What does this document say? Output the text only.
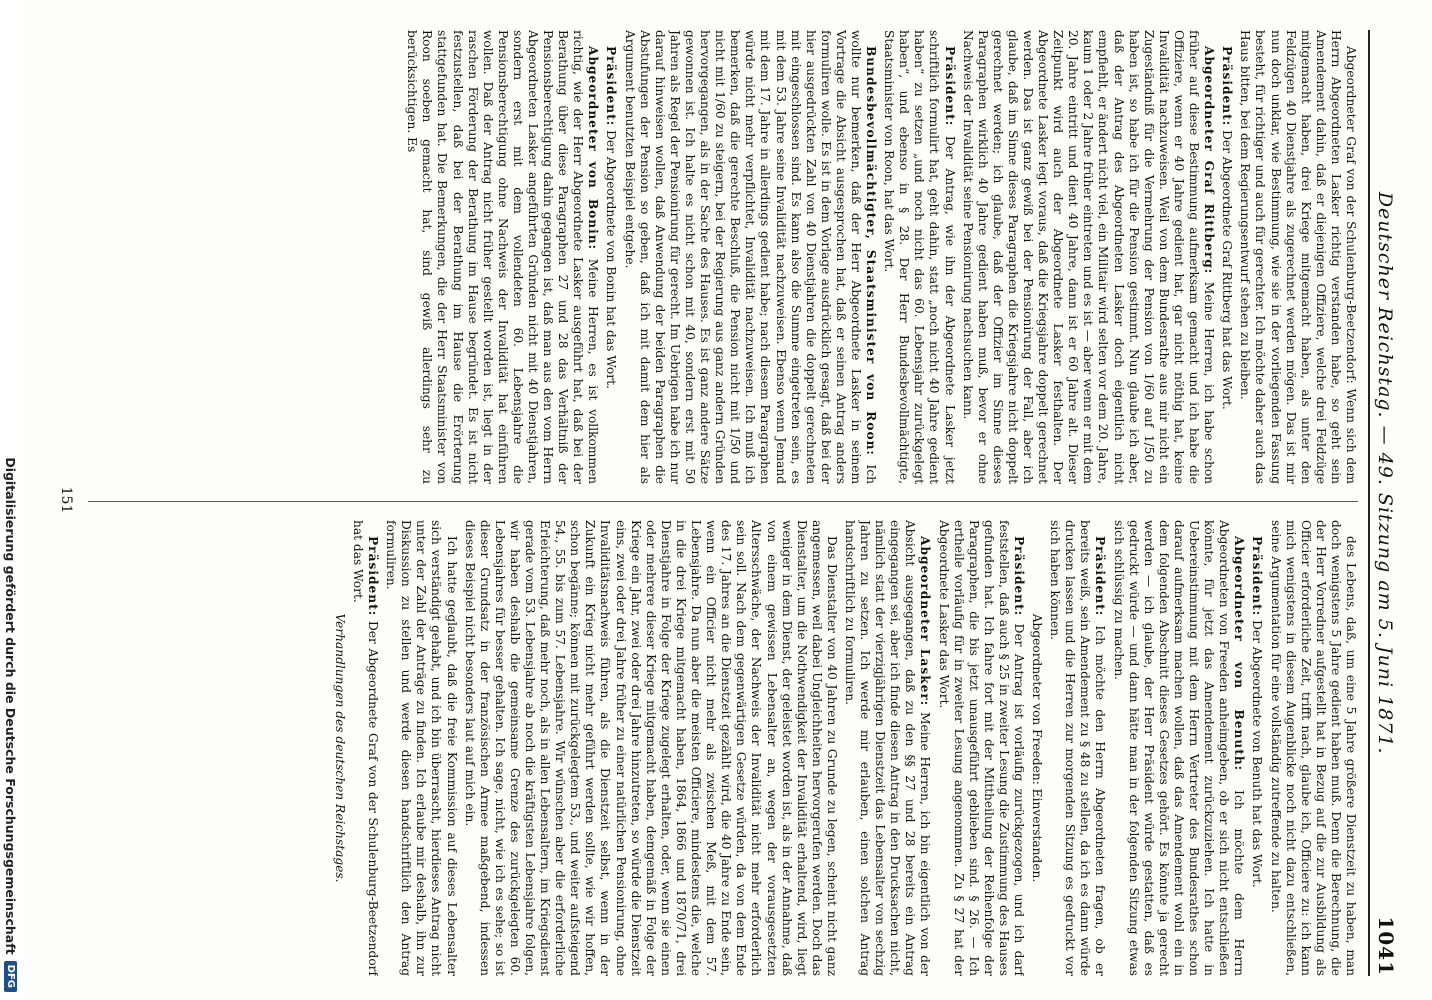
Deutscher Reichstag. — 49. Sitzung am 5. Juni 1871.
1041

Abgeordneter Graf von der Schulenburg-Beetzendorf: Wenn sich dem Herrn Abgeordneten Lasker richtig verstanden habe, so geht sein Amendement dahin, daß er diejenigen Offiziere, welche drei Feldzüge mitgemacht haben, drei Kriege mitgemacht haben, als unter den Feldzügen 40 Dienstjahre als zugerechnet werden mögen. Das ist mir nun doch unklar, wie Bestimmung, wie sie in der vorliegenden Fassung besteht, für richtiger und auch für gerechter. Ich möchte daher auch das Haus bitten, bei dem Regierungsentwurf stehen zu bleiben.

Präsident: Der Abgeordnete Graf Rittberg hat das Wort.

Abgeordneter Graf Rittberg: Meine Herren, ich habe schon früher auf diese Bestimmung aufmerksam gemacht und ich habe die Offiziere, wenn er 40 Jahre gedient hat, gar nicht nöthig hat, keine Invalidität nachzuweisen. Weil von dem Bundesrathe aus mir nicht ein Zugeständniß für die Vermehrung der Pension von 1/60 auf 1/50 zu haben ist, so habe ich für die Pension gestimmt. Nun glaube ich aber, daß der Antrag des Abgeordneten Lasker doch eigentlich nicht empfiehlt, er ändert nicht viel, ein Militair wird selten vor dem 20. Jahre, kaum 1 oder 2 Jahre früher eintreten und es ist — aber wenn er mit dem 20. Jahre eintritt und dient 40 Jahre, dann ist er 60 Jahre alt. Dieser Zeitpunkt wird auch der Abgeordnete Lasker festhalten. Der Abgeordnete Lasker legt voraus, daß die Kriegsjahre doppelt gerechnet werden. Das ist ganz gewiß bei der Pensionirung der Fall, aber ich glaube, daß im Sinne dieses Paragraphen die Kriegsjahre nicht doppelt gerechnet werden; ich glaube, daß der Offizier im Sinne dieses Paragraphen wirklich 40 Jahre gedient haben muß, bevor er ohne Nachweis der Invalidität seine Pensionirung nachsuchen kann.

Präsident: Der Antrag, wie ihn der Abgeordnete Lasker jetzt schriftlich formulirt hat, geht dahin, statt „noch nicht 40 Jahre gedient haben“ zu setzen „und noch nicht das 60. Lebensjahr zurückgelegt haben“, und ebenso in § 28. Der Herr Bundesbevollmächtigte, Staatsminister von Roon, hat das Wort.

Bundesbevollmächtigter, Staatsminister von Roon: Ich wollte nur bemerken, daß der Herr Abgeordnete Lasker in seinem Vortrage die Absicht ausgesprochen hat, daß er seinen Antrag anders formuliren wolle. Es ist in dem Vorlage ausdrücklich gesagt, daß bei der hier ausgedrückten Zahl von 40 Dienstjahren die doppelt gerechneten mit eingeschlossen sind. Es kann also die Summe eingetreten sein, es mit dem 53. Jahre seine Invalidität nachzuweisen. Ebenso wenn Jemand mit dem 17. Jahre in allerdings gedient habe; nach diesem Paragraphen würde nicht mehr verpflichtet, Invalidität nachzuweisen. Ich muß ich bemerken, daß die gerechte Beschluß, die Pension nicht mit 1/50 und nicht mit 1/60 zu steigern, bei der Regierung aus ganz andern Gründen hervorgegangen, als in der Sache des Hauses. Es ist ganz andere Sätze gewonnen ist. Ich halte es nicht schon mit 40, sondern erst mit 50 Jahren als Regel der Pensionirung für gerecht. Im Uebrigen habe ich nur darauf hinweisen wollen, daß Anwendung der beiden Paragraphen die Abstufungen der Pension so geben, daß ich mit damit dem hier als Argument benutzten Beispiel entgehe.

Präsident: Der Abgeordnete von Bonin hat das Wort.

Abgeordneter von Bonin: Meine Herren, es ist vollkommen richtig, wie der Herr Abgeordnete Lasker ausgeführt hat, daß bei der Berathung über diese Paragraphen 27 und 28 das Verhältniß der Pensionsberechtigung dahin gegangen ist, daß man aus den vom Herrn Abgeordneten Lasker angeführten Gründen nicht mit 40 Dienstjahren, sondern erst mit dem vollendeten 60. Lebensjahre die Pensionsberechtigung ohne Nachweis der Invalidität hat einführen wollen. Daß der Antrag nicht früher gestellt worden ist, liegt in der raschen Förderung der Berathung im Hause begründet. Es ist nicht festzustellen, daß bei der Berathung im Hause die Erörterung stattgefunden hat. Die Bemerkungen, die der Herr Staatsminister von Roon soeben gemacht hat, sind gewiß allerdings sehr zu berücksichtigen. Es

des Lebens, daß, um eine 5 Jahre größere Dienstzeit zu haben, man doch wenigstens 5 Jahre gedient haben muß. Denn die Berechnung, die der Herr Vorredner aufgestellt hat in Bezug auf die zur Ausbildung als Officier erforderliche Zeit, trifft nach, glaube ich, Officiere zu: ich kann mich wenigstens in diesem Augenblicke noch nicht dazu entschließen, seine Argumentation für eine vollständig zutreffende zu halten.

Präsident: Der Abgeordnete von Benuth hat das Wort.

Abgeordneter von Benuth: Ich möchte dem Herrn Abgeordneten von Freeden anheimgeben, ob er sich nicht entschließen könnte, für jetzt das Amendement zurückzuziehen. Ich hatte in Uebereinstimmung mit dem Herrn Vertreter des Bundesrathes schon darauf aufmerksam machen wollen, daß das Amendement wohl ein in dem folgenden Abschnitt dieses Gesetzes gehört. Es könnte ja gerecht werden — ich glaube, der Herr Präsident würde gestatten, daß es gedruckt würde — und dann hätte man in der folgenden Sitzung etwas sich schlüssig zu machen.

Präsident: Ich möchte den Herrn Abgeordneten fragen, ob er bereits weiß, sein Amendement zu § 48 zu stellen, da ich es dann würde drucken lassen und die Herren zur morgenden Sitzung es gedruckt vor sich haben können.

Abgeordneter von Freeden: Einverstanden.

Präsident: Der Antrag ist vorläufig zurückgezogen, und ich darf feststellen, daß auch § 25 in zweiter Lesung die Zustimmung des Hauses gefunden hat. Ich fahre fort mit der Mittheilung der Reihenfolge der Paragraphen, die bis jetzt unausgeführt geblieben sind. § 26. — Ich ertheile vorläufig für in zweiter Lesung angenommen. Zu § 27 hat der Abgeordnete Lasker das Wort.

Abgeordneter Lasker: Meine Herren, ich bin eigentlich von der Absicht ausgegangen, daß zu den §§ 27 und 28 bereits ein Antrag eingegangen sei, aber ich finde diesen Antrag in den Drucksachen nicht, nämlich statt der vierzigjährigen Dienstzeit das Lebensalter von sechzig Jahren zu setzen. Ich werde mir erlauben, einen solchen Antrag handschriftlich zu formuliren.

Das Dienstalter von 40 Jahren zu Grunde zu legen, scheint nicht ganz angemessen, weil dabei Ungleichheiten hervorgerufen werden. Doch das Dienstalter, um die Nothwendigkeit der Invalidität erhaltend, wird, liegt weniger in dem Dienst, der geleistet worden ist, als in der Annahme, daß von einem gewissen Lebensalter an, wegen der vorausgesetzten Altersschwäche, der Nachweis der Invalidität nicht mehr erforderlich sein soll. Nach dem gegenwärtigen Gesetze würden, da von dem Ende des 17. Jahres an die Dienstzeit gezählt wird, die 40 Jahre zu Ende sein, wenn ein Officier nicht mehr als zwischen Meß, mit dem 57. Lebensjahre. Da nun aber die meisten Officiere, mindestens die, welche in die drei Kriege mitgemacht haben, 1864, 1866 und 1870/71, drei Dienstjahre in Folge der Kriege zugelegt erhalten, oder, wenn sie einen oder mehrere dieser Kriege mitgemacht haben, demgemäß in Folge der Kriege ein Jahr, zwei oder drei Jahre hinzutreten, so würde die Dienstzeit eins, zwei oder drei Jahre früher zu einer natürlichen Pensionirung, ohne Invaliditätsnachweis führen, als die Dienstzeit selbst, wenn in der Zukunft ein Krieg nicht mehr geführt werden sollte, wie wir hoffen, schon begänne; können mit zurückgelegtem 53., und weiter aufsteigend 54., 55. bis zum 57. Lebensjahre. Wir wünschen aber die erforderliche Erleichterung, daß mehr noch, als in allen Lebensaltern, im Kriegsdienst gerade vom 53. Lebensjahre ab noch die kräftigsten Lebensjahre folgen, wir haben deshalb die gemeinsame Grenze des zurückgelegten 60. Lebensjahres für besser gehalten. Ich sage, nicht, wie ich es sehe; so ist dieser Grundsatz in der französischen Armee maßgebend, indessen dieses Beispiel nicht besonders laut auf mich ein.

Ich hatte geglaubt, daß die freie Kommission auf dieses Lebensalter sich verständigt gehabt, und ich bin überrascht, hierdieses Antrag nicht unter der Zahl der Anträge zu finden. Ich erlaube mir deshalb, ihn zur Diskussion zu stellen und werde diesen handschriftlich den Antrag formuliren.

Präsident: Der Abgeordnete Graf von der Schulenburg-Beetzendorf hat das Wort.

Verhandlungen des deutschen Reichstages.

151
Digitalisierung gefördert durch die Deutsche Forschungsgemeinschaft
DFG
